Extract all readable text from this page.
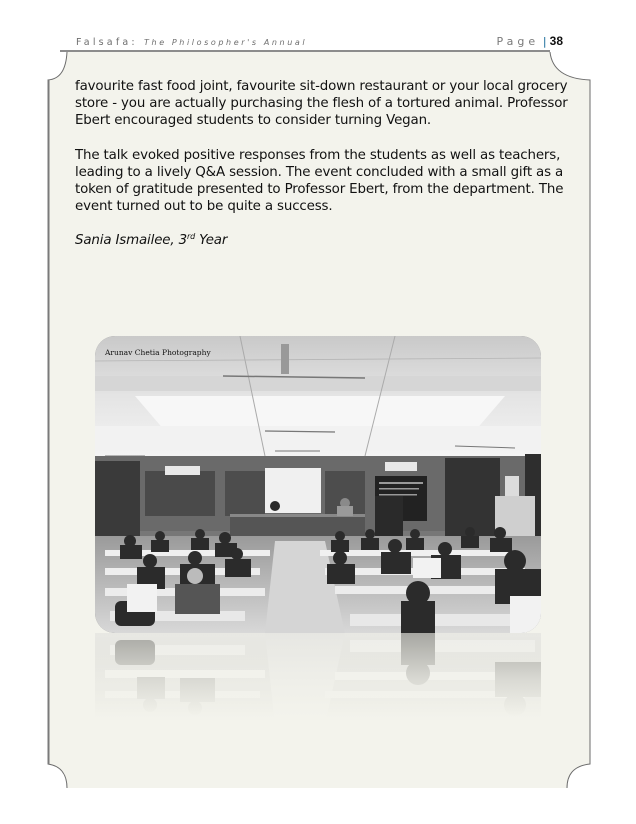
Falsafa: The Philosopher's Annual	Page | 38

favourite fast food joint, favourite sit-down restaurant or your local grocery store - you are actually purchasing the flesh of a tortured animal. Professor Ebert encouraged students to consider turning Vegan.

The talk evoked positive responses from the students as well as teachers, leading to a lively Q&A session. The event concluded with a small gift as a token of gratitude presented to Professor Ebert, from the department. The event turned out to be quite a success.

Sania Ismailee, 3rd Year

Arunav Chetia Photography
